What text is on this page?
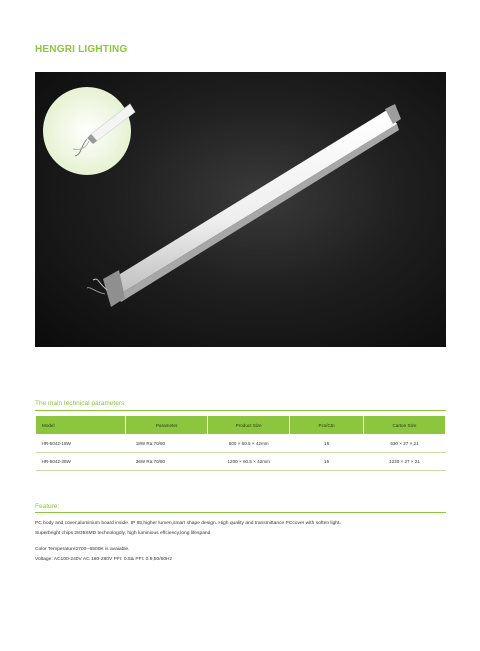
HENGRI LIGHTING
The main technical parameters
Model	Parameter	Product Size	Pcs/Ctn	Carton Size
HR-6042-18W	18W Ra:70/80	600 × 60.5 × 42mm	15	630 × 27 × 21
HR-6042-36W	36W Ra:70/80	1200 × 60.5 × 42mm	15	1230 × 27 × 21
Feature:
PC body and cover,aluminium board inside. IP 65,higher lumen,smart shape design. High quality and transmittance PCcover with soften light.
Superbright chips 2835SMD technologoly, high luminious effciency,long lifespand.
Color Temperature2700--6500K is avaiable.
Voltage: AC100-240V AC 180-280V PFI: 0.5& PFI: 0.9,50/60Hz
